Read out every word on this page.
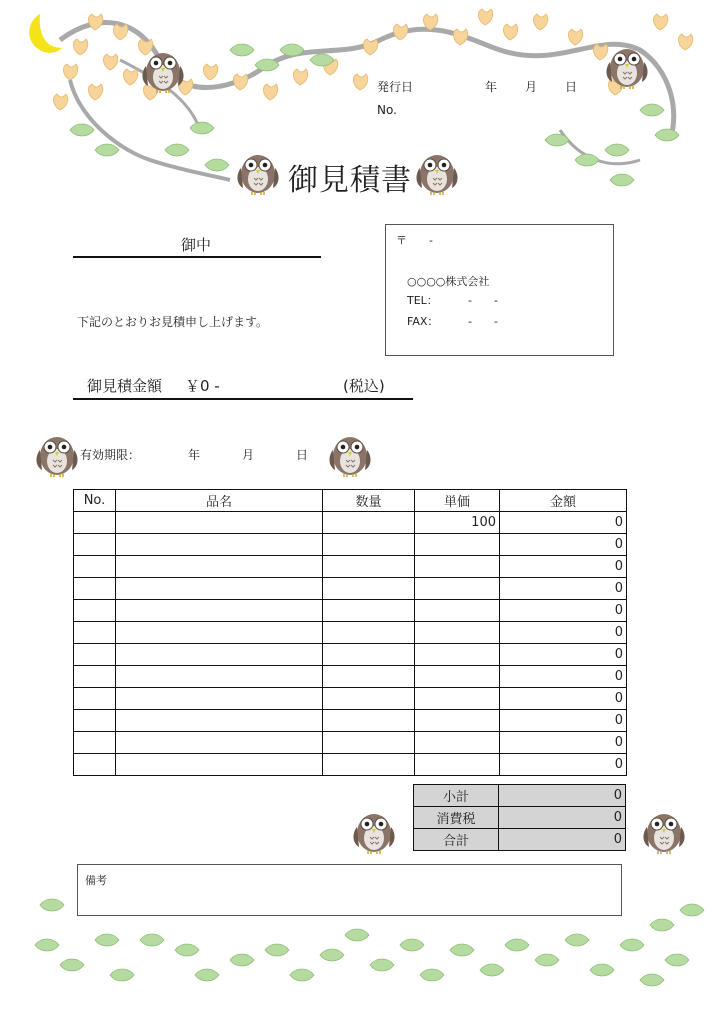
発行日	年 月 日
No.
御見積書
御中
下記のとおりお見積申し上げます。
〒　　-
○○○○株式会社
TEL：	-　　-
FAX：	-　　-
御見積金額 ￥0 -	(税込)
有効期限：	年	月	日
No.	品名	数量	単価	金額
			100	0
				0
				0
				0
				0
				0
				0
				0
				0
				0
				0
				0
小計	0
消費税	0
合計	0
備考
